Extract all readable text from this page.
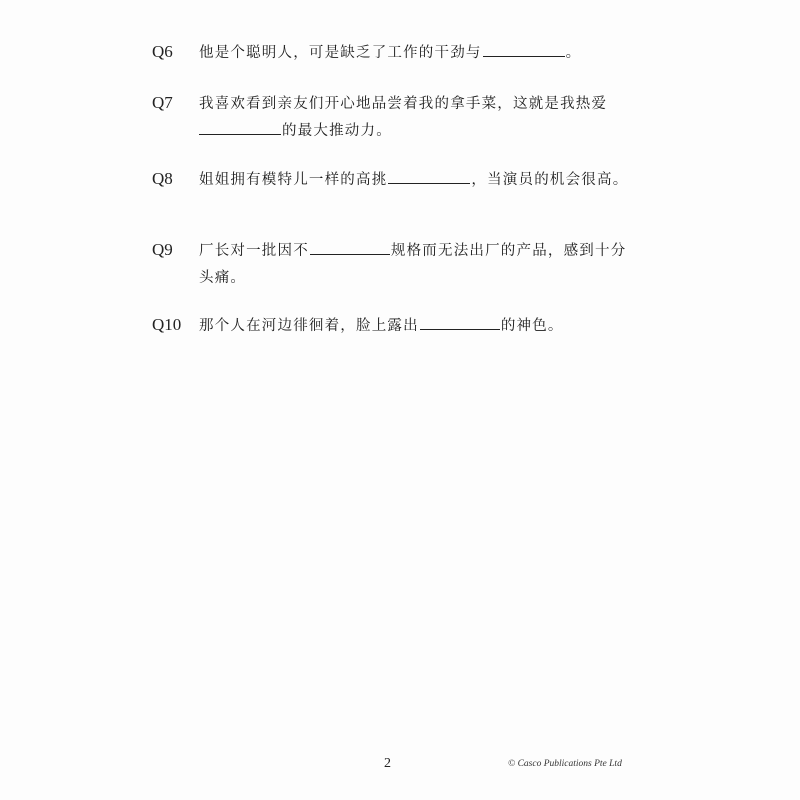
Q6 他是个聪明人，可是缺乏了工作的干劲与	。
Q7 我喜欢看到亲友们开心地品尝着我的拿手菜，这就是我热爱
的最大推动力。
Q8 姐姐拥有模特儿一样的高挑	，当演员的机会很高。
Q9 厂长对一批因不	规格而无法出厂的产品，感到十分头痛。
Q10 那个人在河边徘徊着，脸上露出	的神色。
2	© Casco Publications Pte Ltd
